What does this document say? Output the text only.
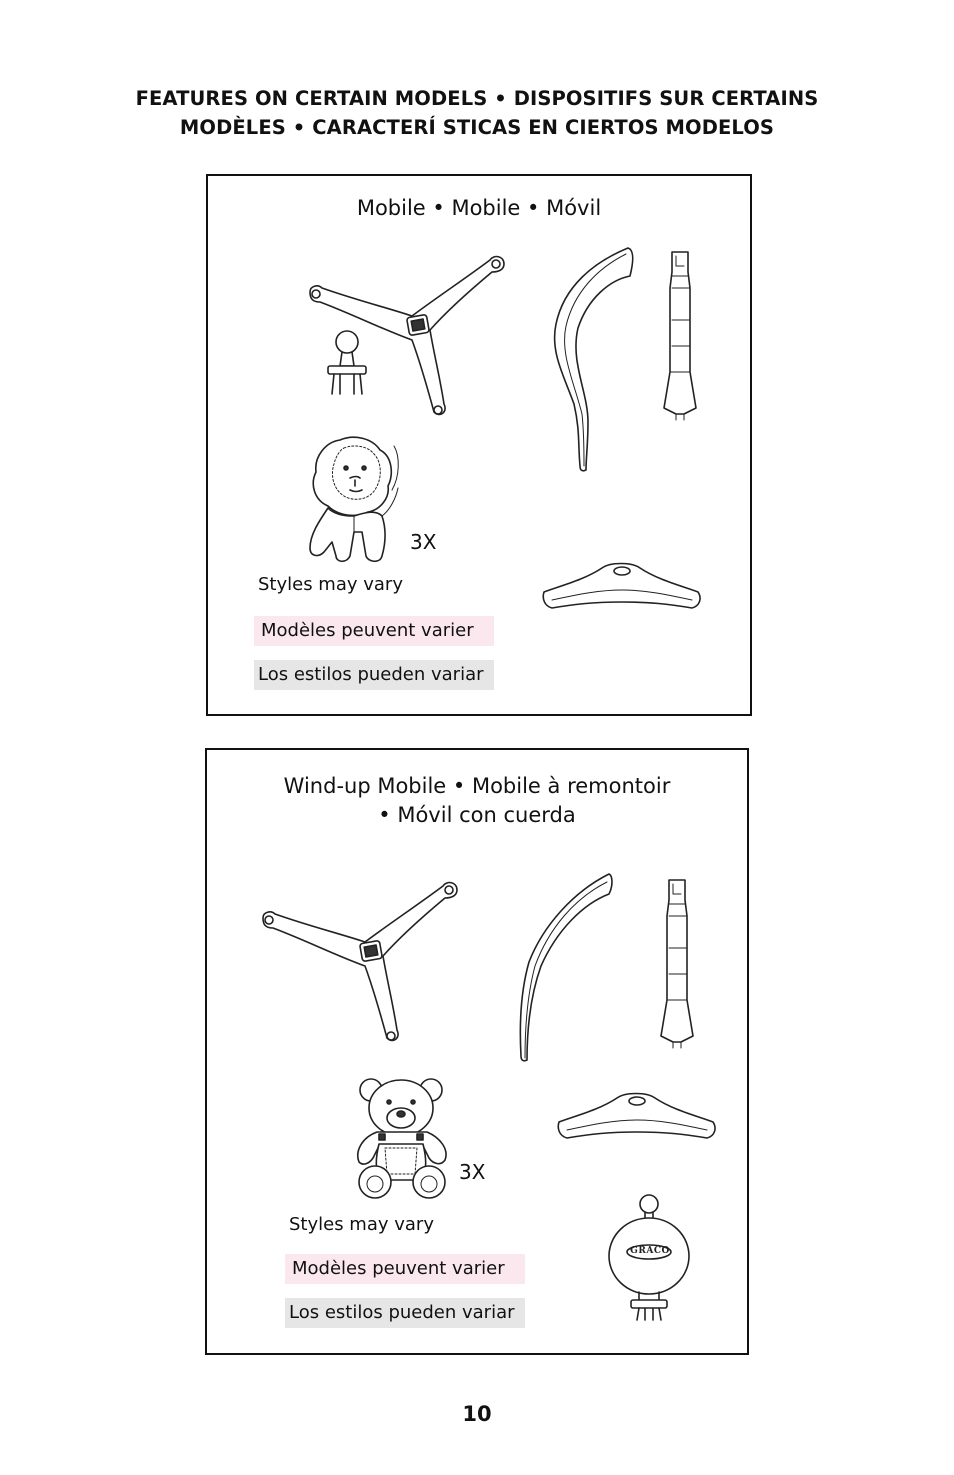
FEATURES ON CERTAIN MODELS • DISPOSITIFS SUR CERTAINS
MODÈLES • CARACTERÍ STICAS EN CIERTOS MODELOS
Mobile • Mobile • Móvil
3X
Styles may vary
Modèles peuvent varier
Los estilos pueden variar
Wind-up Mobile • Mobile à remontoir
• Móvil con cuerda
3X
GRACO
Styles may vary
Modèles peuvent varier
Los estilos pueden variar
10
